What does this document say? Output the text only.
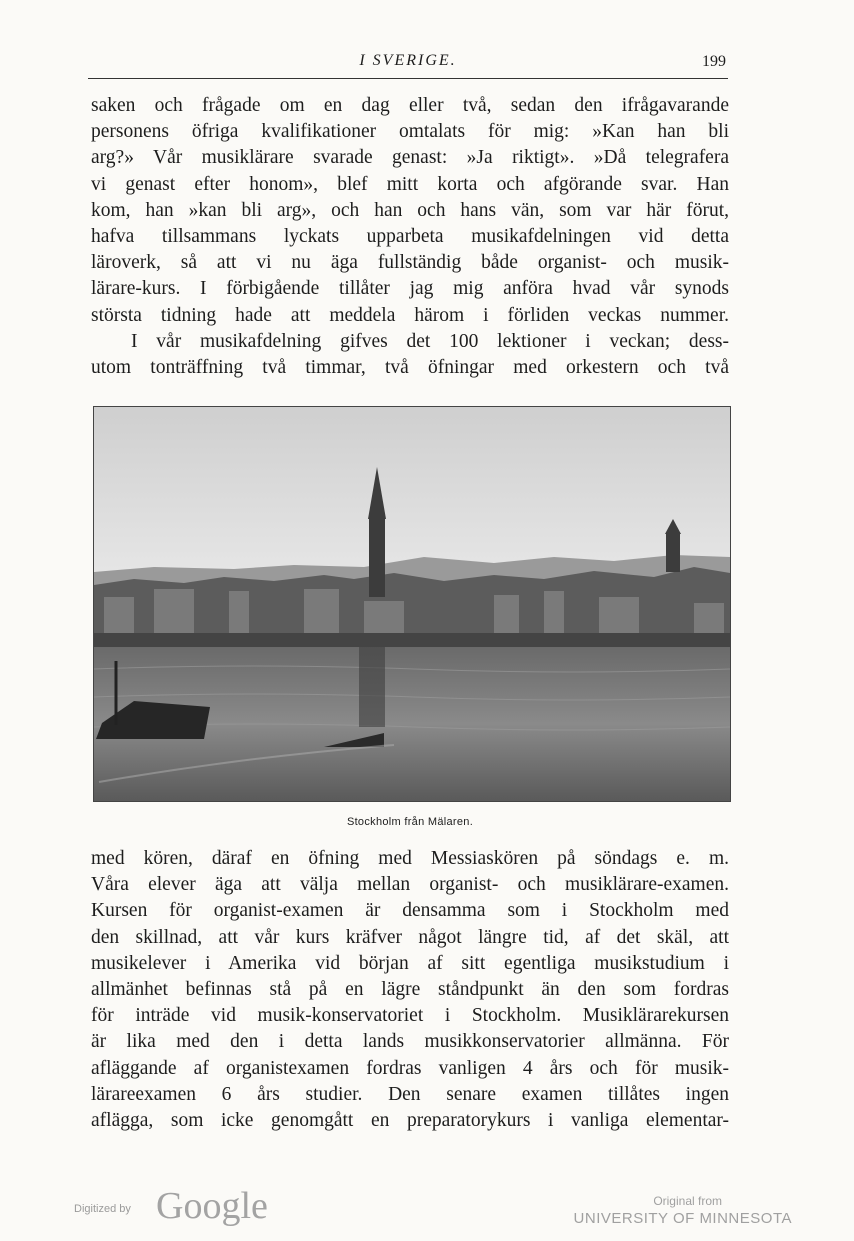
I SVERIGE.	199
saken och frågade om en dag eller två, sedan den ifrågavarande
personens öfriga kvalifikationer omtalats för mig: »Kan han bli
arg?» Vår musiklärare svarade genast: »Ja riktigt». »Då telegrafera
vi genast efter honom», blef mitt korta och afgörande svar. Han
kom, han »kan bli arg», och han och hans vän, som var här förut,
hafva tillsammans lyckats upparbeta musikafdelningen vid detta
läroverk, så att vi nu äga fullständig både organist- och musik-
lärare-kurs. I förbigående tillåter jag mig anföra hvad vår synods
största tidning hade att meddela härom i förliden veckas nummer.
I vår musikafdelning gifves det 100 lektioner i veckan; dess-
utom tonträffning två timmar, två öfningar med orkestern och två
Stockholm från Mälaren.
med kören, däraf en öfning med Messiaskören på söndags e. m.
Våra elever äga att välja mellan organist- och musiklärare-examen.
Kursen för organist-examen är densamma som i Stockholm med
den skillnad, att vår kurs kräfver något längre tid, af det skäl, att
musikelever i Amerika vid början af sitt egentliga musikstudium i
allmänhet befinnas stå på en lägre ståndpunkt än den som fordras
för inträde vid musik-konservatoriet i Stockholm. Musiklärarekursen
är lika med den i detta lands musikkonservatorier allmänna. För
afläggande af organistexamen fordras vanligen 4 års och för musik-
lärareexamen 6 års studier. Den senare examen tillåtes ingen
aflägga, som icke genomgått en preparatorykurs i vanliga elementar-
Digitized by Google	Original from
UNIVERSITY OF MINNESOTA
